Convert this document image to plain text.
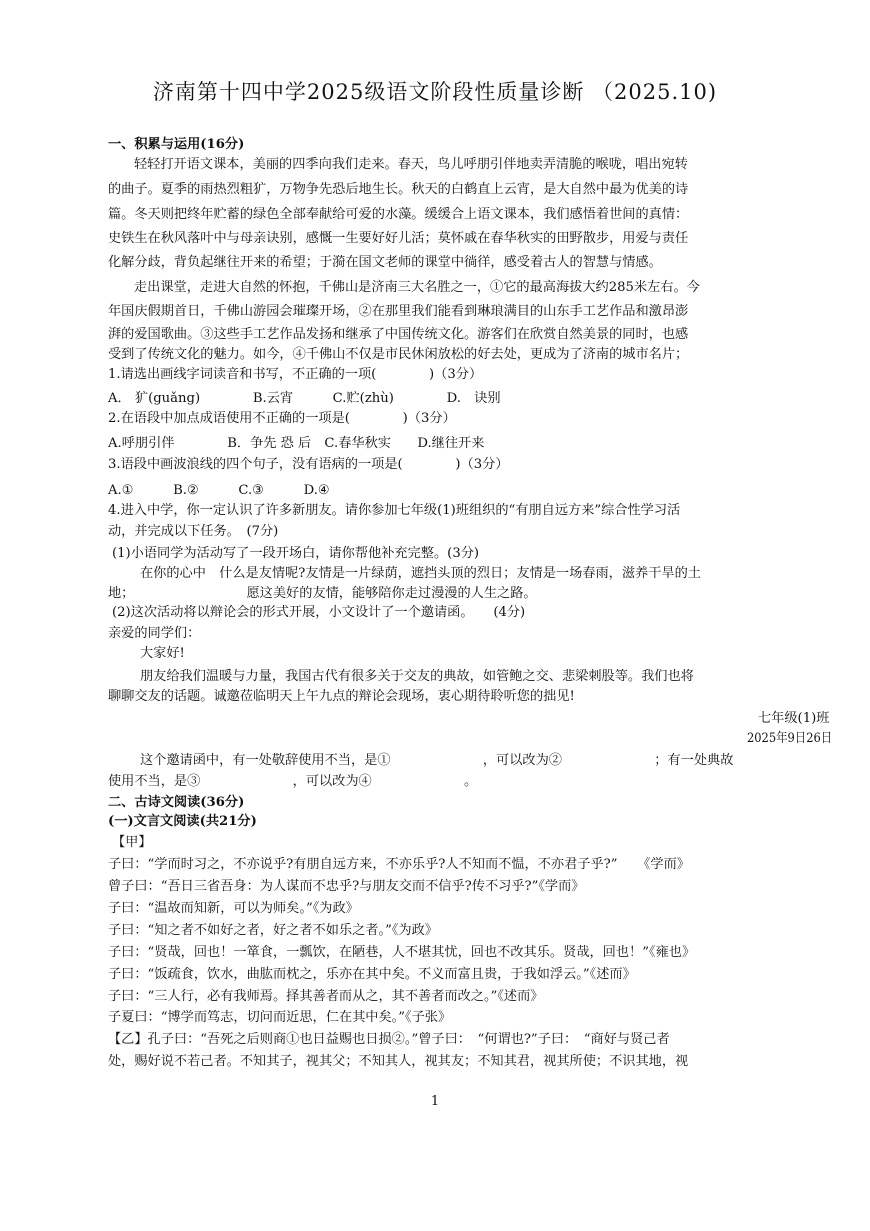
济南第十四中学2025级语文阶段性质量诊断 （2025.10)
一、积累与运用(16分)
轻轻打开语文课本，美丽的四季向我们走来。春天，鸟儿呼朋引伴地卖弄清脆的喉咙，唱出宛转
的曲子。夏季的雨热烈粗犷，万物争先恐后地生长。秋天的白鹤直上云宵，是大自然中最为优美的诗
篇。冬天则把终年贮蓄的绿色全部奉献给可爱的水藻。缓缓合上语文课本，我们感悟着世间的真情：
史铁生在秋风落叶中与母亲诀别，感慨一生要好好儿活；莫怀戚在春华秋实的田野散步，用爱与责任
化解分歧，背负起继往开来的希望；于漪在国文老师的课堂中徜徉，感受着古人的智慧与情感。
走出课堂，走进大自然的怀抱，千佛山是济南三大名胜之一，①它的最高海拔大约285米左右。今
年国庆假期首日，千佛山游园会璀璨开场，②在那里我们能看到琳琅满目的山东手工艺作品和激昂澎
湃的爱国歌曲。③这些手工艺作品发扬和继承了中国传统文化。游客们在欣赏自然美景的同时，也感
受到了传统文化的魅力。如今，④千佛山不仅是市民休闲放松的好去处，更成为了济南的城市名片；
1.请选出画线字词读音和书写，不正确的一项(　　　　)（3分）
A． 犷(guǎng)　　　　B.云宵　　　C.贮(zhù)　　　　D.　诀别
2.在语段中加点成语使用不正确的一项是(　　　　)（3分）
A.呼朋引伴　　　　B．争先 恐 后　C.春华秋实　　D.继往开来
3.语段中画波浪线的四个句子，没有语病的一项是(　　　　)（3分）
A.①　　　B.②　　　C.③　　　D.④
4.进入中学，你一定认识了许多新朋友。请你参加七年级(1)班组织的“有朋自远方来”综合性学习活
动，并完成以下任务。　(7分)
(1)小语同学为活动写了一段开场白，请你帮他补充完整。(3分)
在你的心中　什么是友情呢?友情是一片绿荫，遮挡头顶的烈日；友情是一场春雨，滋养干旱的土
地；　　　　　　　　　愿这美好的友情，能够陪你走过漫漫的人生之路。
(2)这次活动将以辩论会的形式开展，小文设计了一个邀请函。　　(4分)
亲爱的同学们：
大家好!
朋友给我们温暖与力量，我国古代有很多关于交友的典故，如管鲍之交、悲梁刺股等。我们也将
聊聊交友的话题。诚邀莅临明天上午九点的辩论会现场，衷心期待聆听您的拙见!
七年级(1)班
2025年9日26日
这个邀请函中，有一处敬辞使用不当，是①　　　　　　　，可以改为②　　　　　　　；有一处典故
使用不当，是③　　　　　　　，可以改为④　　　　　　　。
二、古诗文阅读(36分)
(一)文言文阅读(共21分)
【甲】
子曰：“学而时习之，不亦说乎?有朋自远方来，不亦乐乎?人不知而不愠，不亦君子乎?”　　《学而》
曾子曰：“吾日三省吾身：为人谋而不忠乎?与朋友交而不信乎?传不习乎?”《学而》
子曰：“温故而知新，可以为师矣。”《为政》
子曰：“知之者不如好之者，好之者不如乐之者。”《为政》
子曰：“贤哉，回也！一箪食，一瓢饮，在陋巷，人不堪其忧，回也不改其乐。贤哉，回也！”《雍也》
子曰：“饭疏食，饮水，曲肱而枕之，乐亦在其中矣。不义而富且贵，于我如浮云。”《述而》
子曰：“三人行，必有我师焉。择其善者而从之，其不善者而改之。”《述而》
子夏曰：“博学而笃志，切问而近思，仁在其中矣。”《子张》
【乙】孔子曰：“吾死之后则商①也日益赐也日损②。”曾子曰：　“何谓也?”子曰：　“商好与贤己者
处，赐好说不若己者。不知其子，视其父；不知其人，视其友；不知其君，视其所使；不识其地，视
1
